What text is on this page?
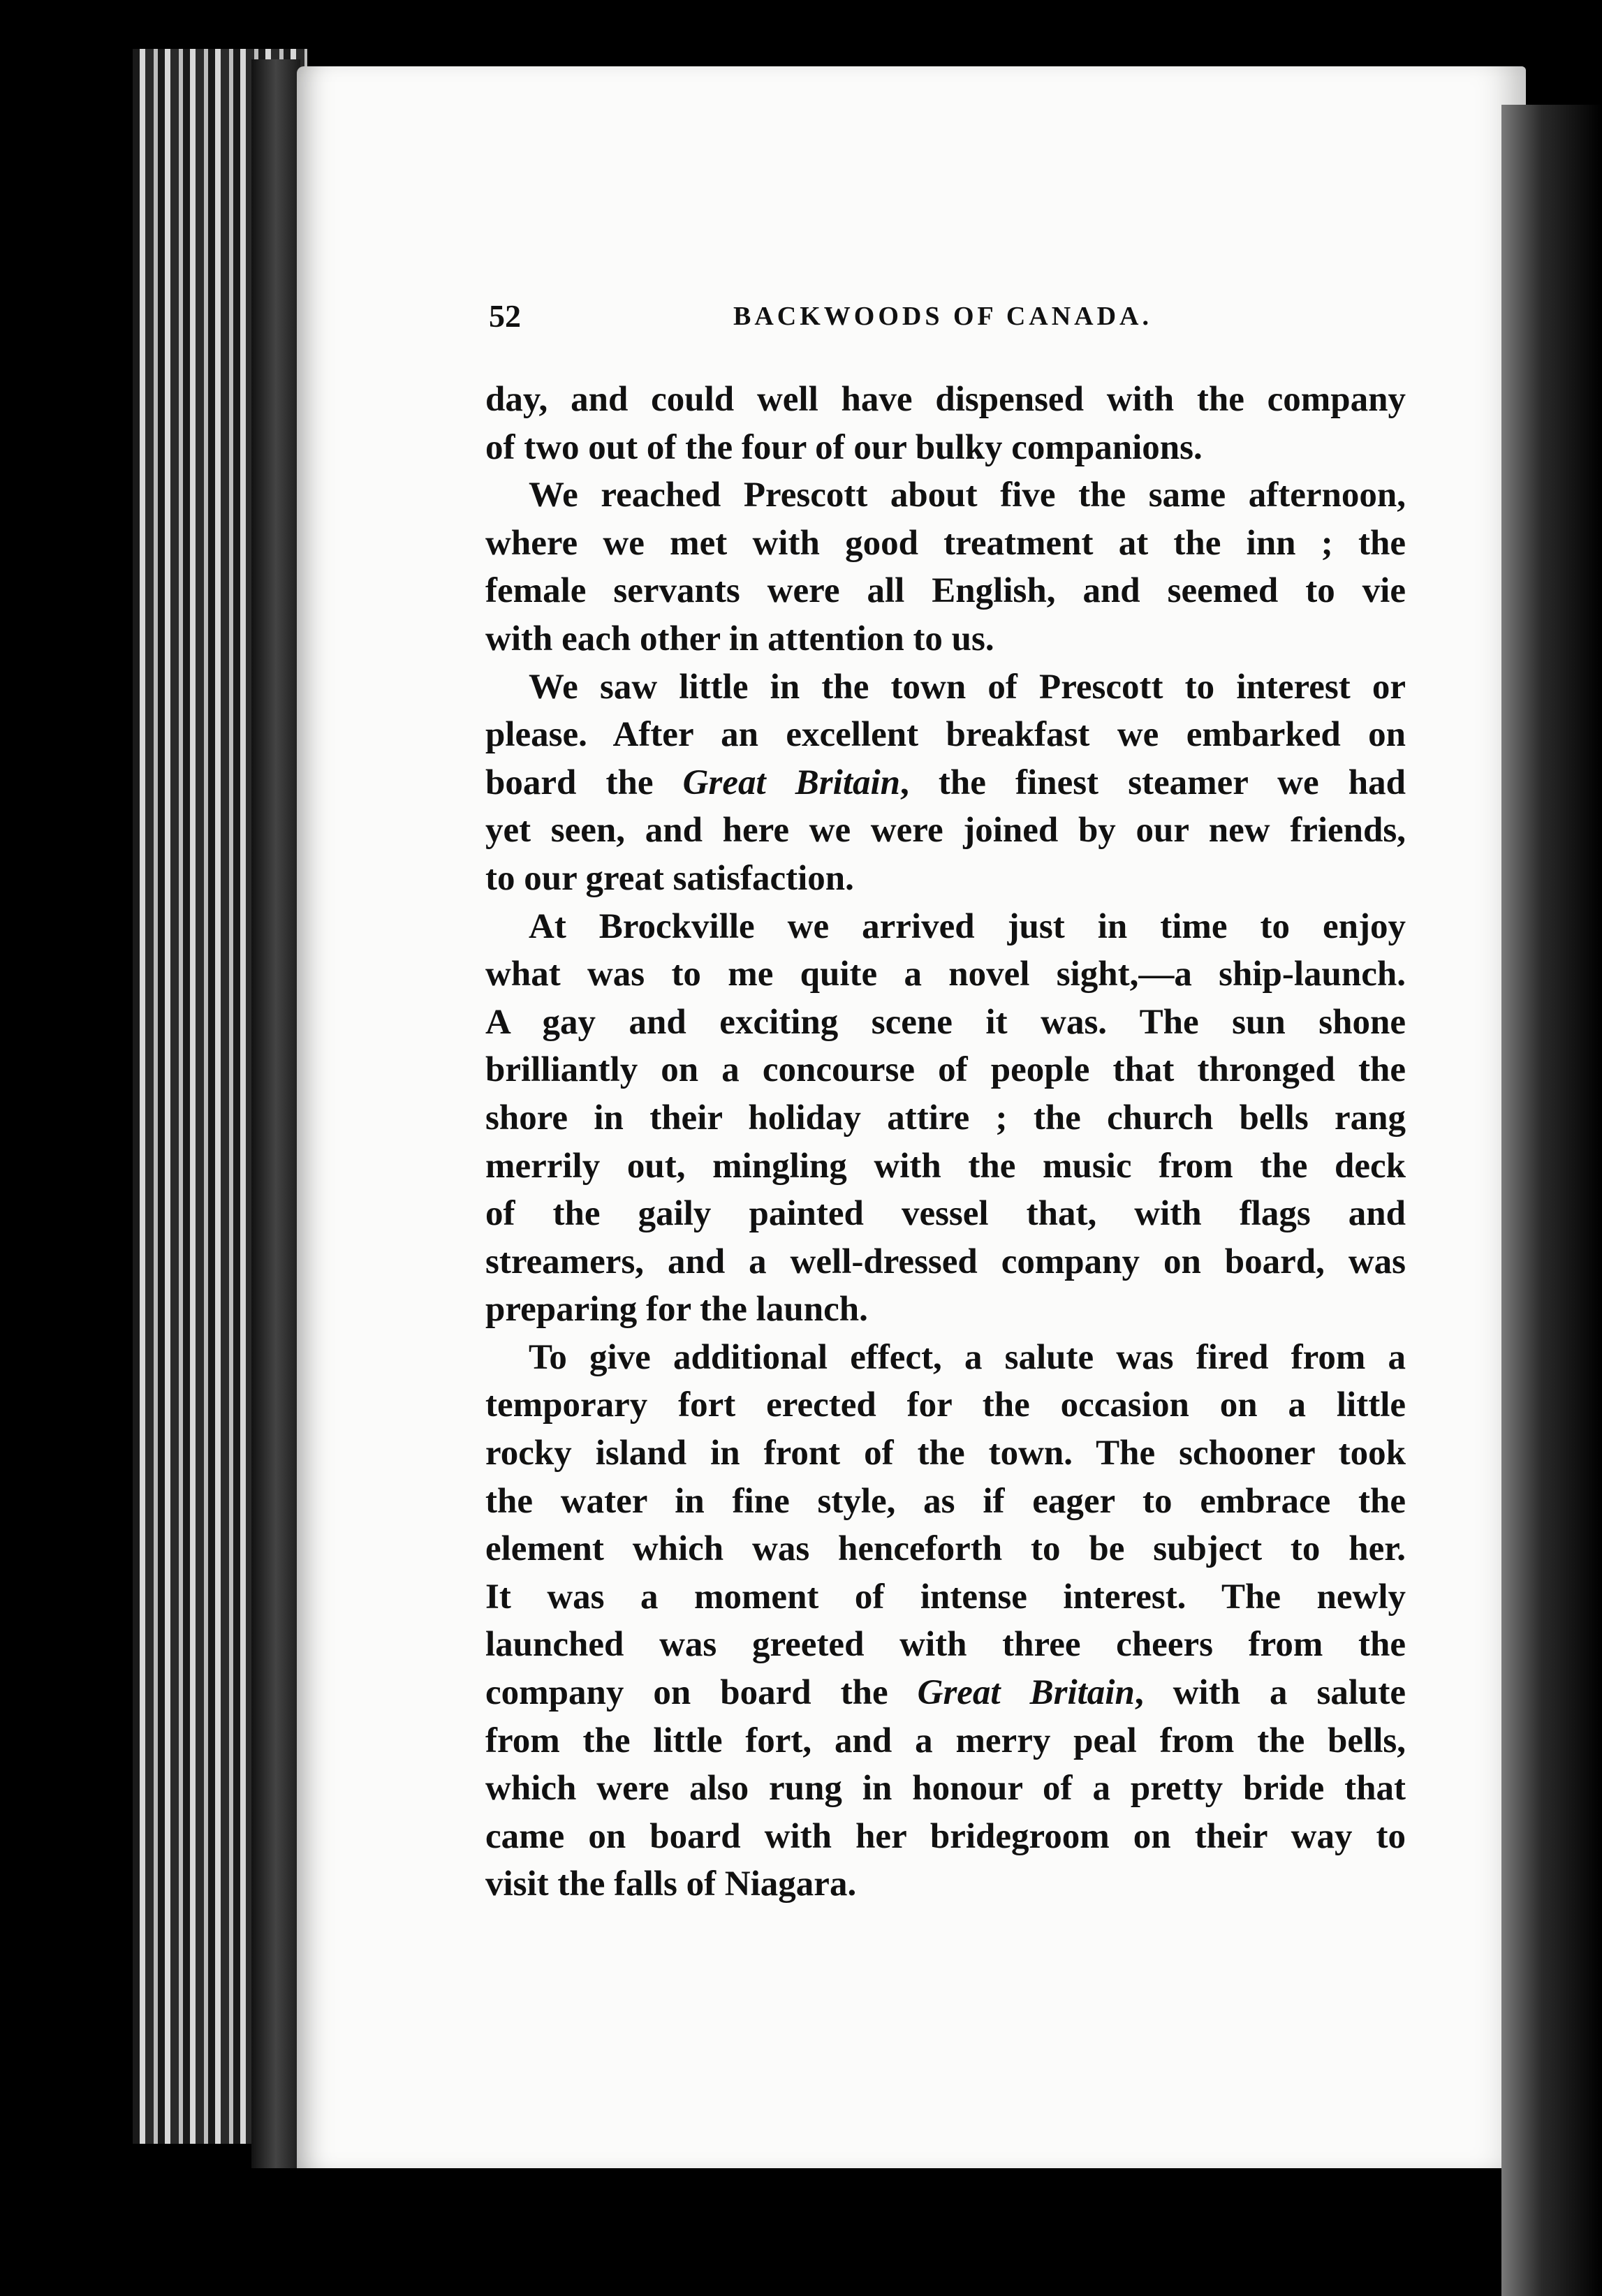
52	BACKWOODS OF CANADA.
day, and could well have dispensed with the company
of two out of the four of our bulky companions.
We reached Prescott about five the same afternoon,
where we met with good treatment at the inn ; the
female servants were all English, and seemed to vie
with each other in attention to us.
We saw little in the town of Prescott to interest or
please. After an excellent breakfast we embarked on
board the Great Britain, the finest steamer we had
yet seen, and here we were joined by our new friends,
to our great satisfaction.
At Brockville we arrived just in time to enjoy
what was to me quite a novel sight,—a ship-launch.
A gay and exciting scene it was. The sun shone
brilliantly on a concourse of people that thronged the
shore in their holiday attire ; the church bells rang
merrily out, mingling with the music from the deck
of the gaily painted vessel that, with flags and
streamers, and a well-dressed company on board, was
preparing for the launch.
To give additional effect, a salute was fired from a
temporary fort erected for the occasion on a little
rocky island in front of the town. The schooner took
the water in fine style, as if eager to embrace the
element which was henceforth to be subject to her.
It was a moment of intense interest. The newly
launched was greeted with three cheers from the
company on board the Great Britain, with a salute
from the little fort, and a merry peal from the bells,
which were also rung in honour of a pretty bride that
came on board with her bridegroom on their way to
visit the falls of Niagara.
